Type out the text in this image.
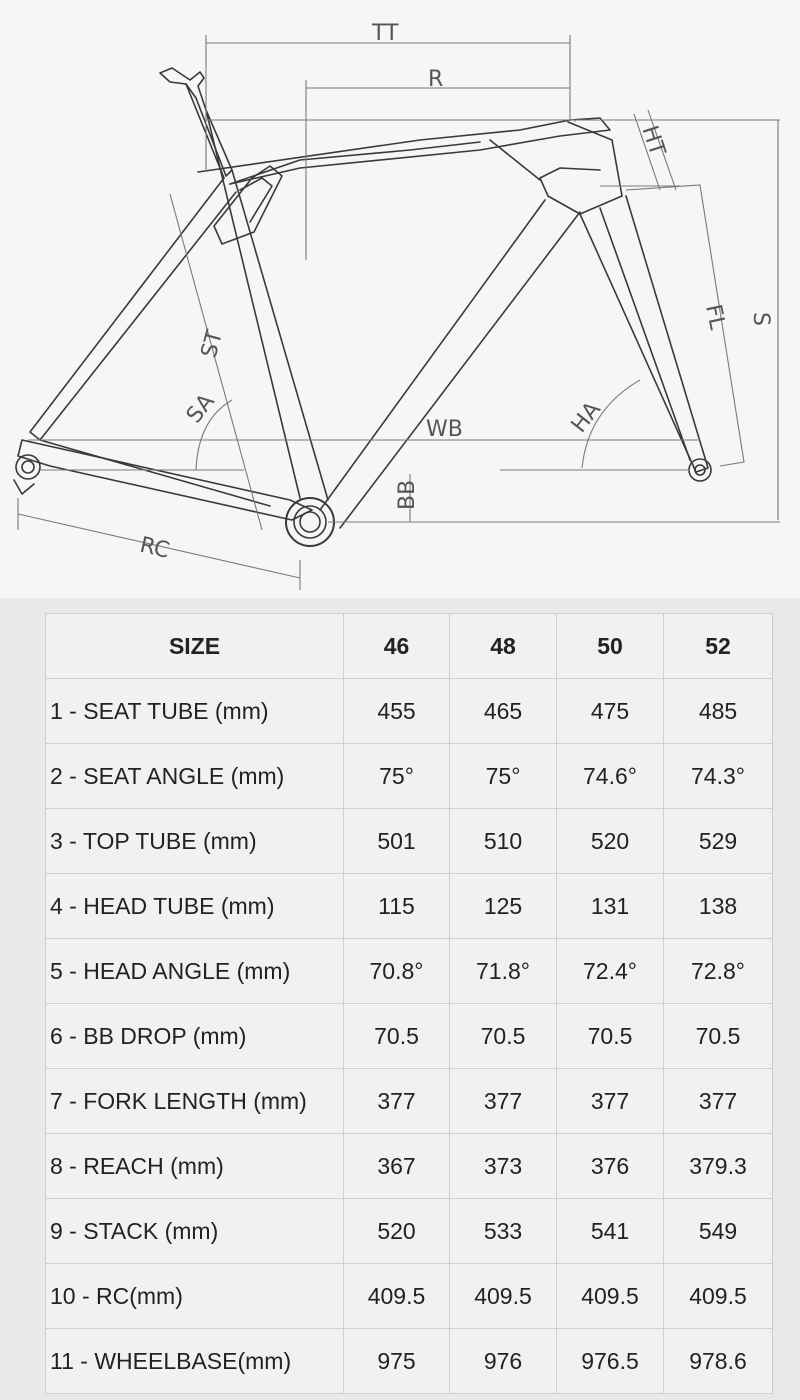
TT
R
HT
S
FL
ST
SA
WB	HA
BB
RC
SIZE	46	48	50	52
1 - SEAT TUBE (mm)	455	465	475	485
2 - SEAT ANGLE (mm)	75°	75°	74.6°	74.3°
3 - TOP TUBE (mm)	501	510	520	529
4 - HEAD TUBE (mm)	115	125	131	138
5 - HEAD ANGLE (mm)	70.8°	71.8°	72.4°	72.8°
6 - BB DROP (mm)	70.5	70.5	70.5	70.5
7 - FORK LENGTH (mm)	377	377	377	377
8 - REACH (mm)	367	373	376	379.3
9 - STACK (mm)	520	533	541	549
10 - RC(mm)	409.5	409.5	409.5	409.5
11 - WHEELBASE(mm)	975	976	976.5	978.6
